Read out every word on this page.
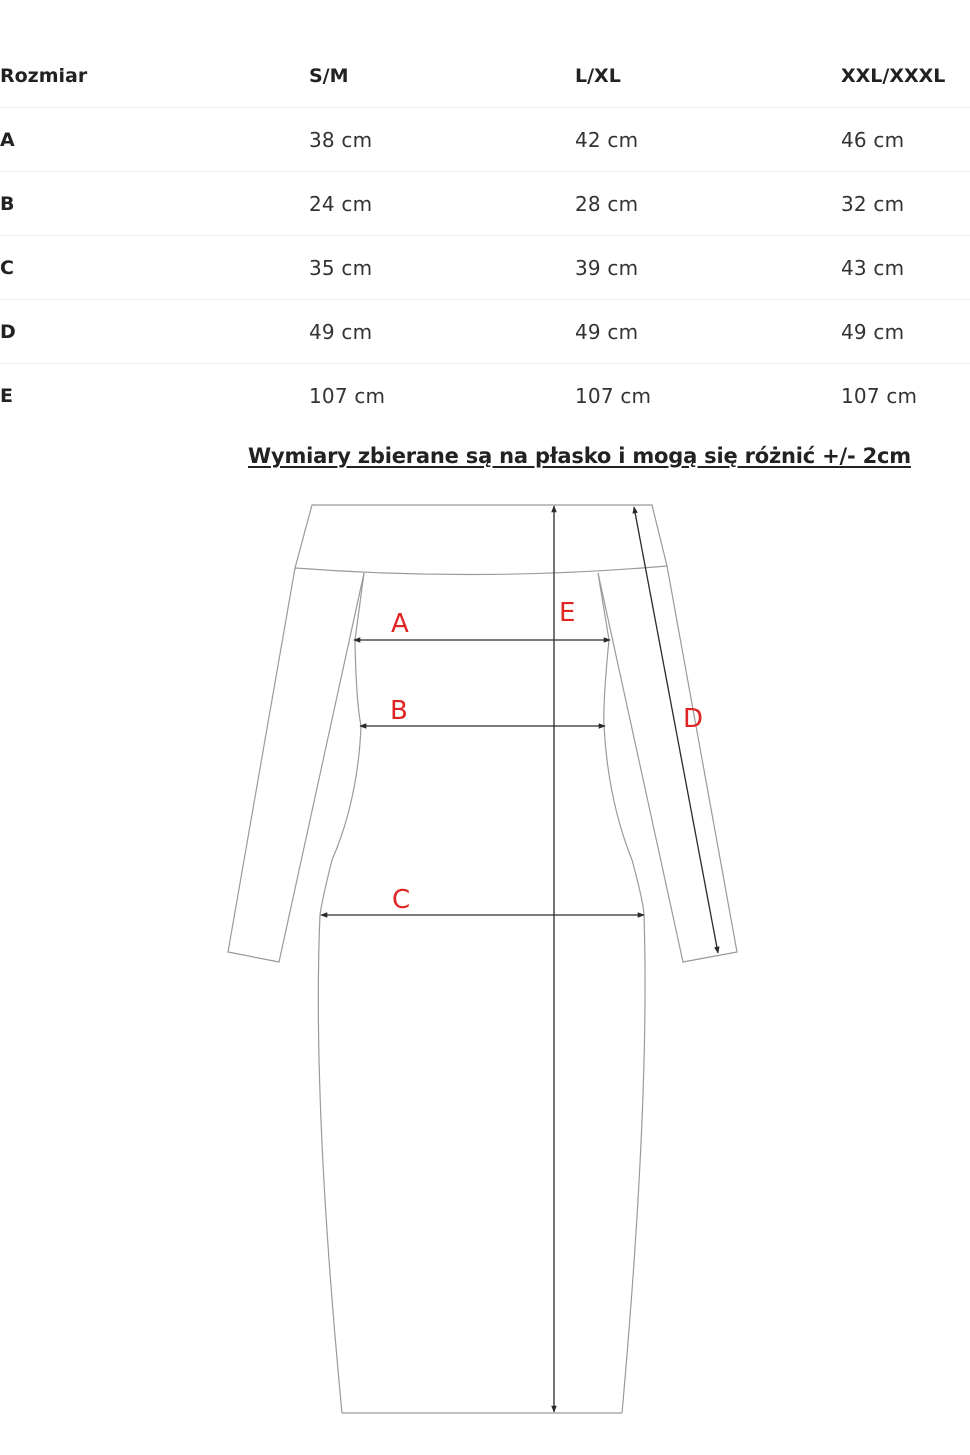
Rozmiar	S/M	L/XL	XXL/XXXL
A	38 cm	42 cm	46 cm
B	24 cm	28 cm	32 cm
C	35 cm	39 cm	43 cm
D	49 cm	49 cm	49 cm
E	107 cm	107 cm	107 cm
Wymiary zbierane są na płasko i mogą się różnić +/- 2cm
A
B
C
D
E
